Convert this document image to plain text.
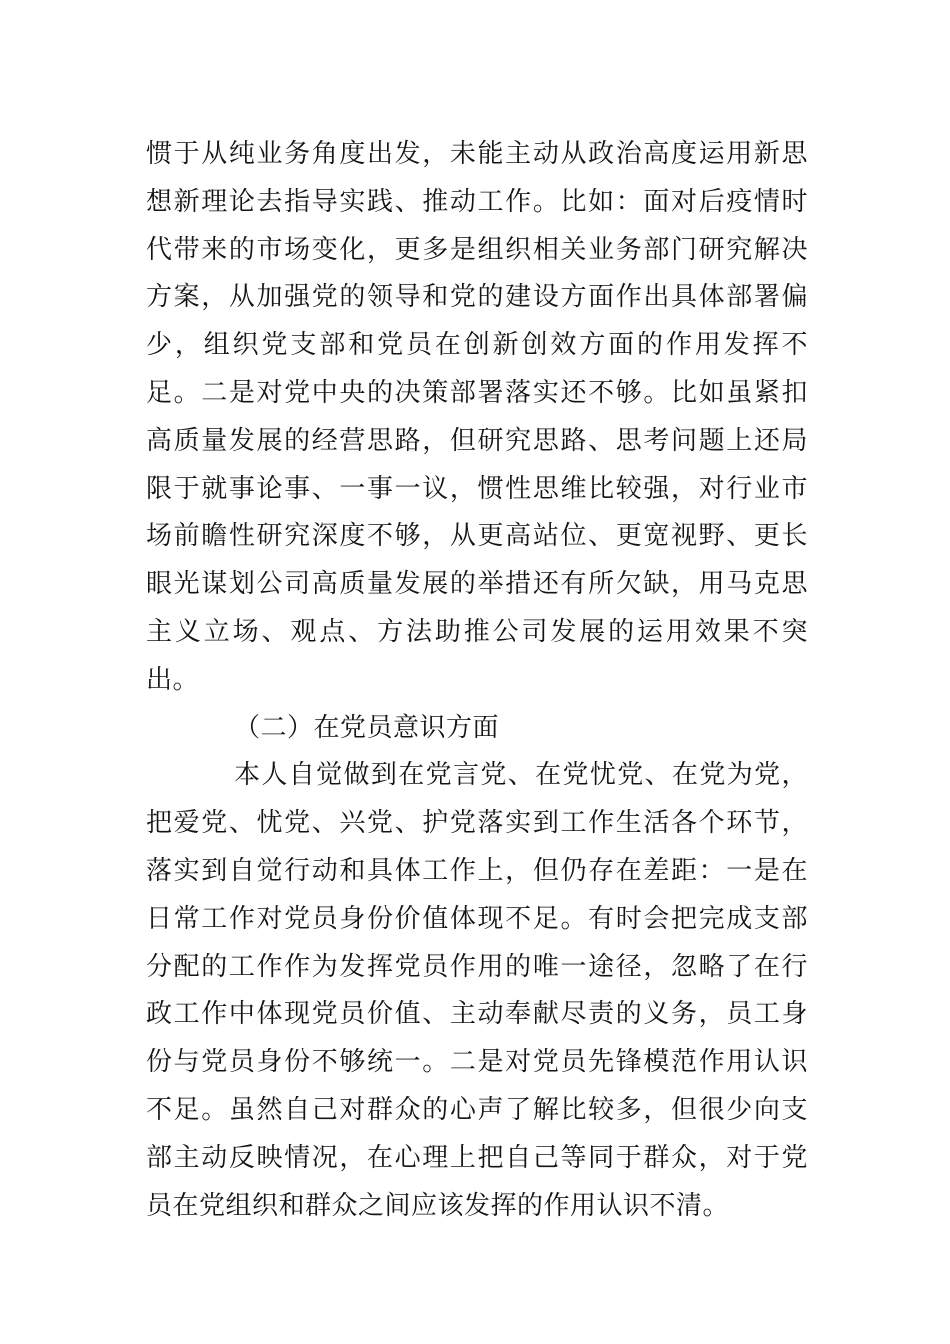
惯于从纯业务角度出发，未能主动从政治高度运用新思想新理论去指导实践、推动工作。比如：面对后疫情时代带来的市场变化，更多是组织相关业务部门研究解决方案，从加强党的领导和党的建设方面作出具体部署偏少，组织党支部和党员在创新创效方面的作用发挥不足。二是对党中央的决策部署落实还不够。比如虽紧扣高质量发展的经营思路，但研究思路、思考问题上还局限于就事论事、一事一议，惯性思维比较强，对行业市场前瞻性研究深度不够，从更高站位、更宽视野、更长眼光谋划公司高质量发展的举措还有所欠缺，用马克思主义立场、观点、方法助推公司发展的运用效果不突出。

（二）在党员意识方面

本人自觉做到在党言党、在党忧党、在党为党，把爱党、忧党、兴党、护党落实到工作生活各个环节，落实到自觉行动和具体工作上，但仍存在差距：一是在日常工作对党员身份价值体现不足。有时会把完成支部分配的工作作为发挥党员作用的唯一途径，忽略了在行政工作中体现党员价值、主动奉献尽责的义务，员工身份与党员身份不够统一。二是对党员先锋模范作用认识不足。虽然自己对群众的心声了解比较多，但很少向支部主动反映情况，在心理上把自己等同于群众，对于党员在党组织和群众之间应该发挥的作用认识不清。
